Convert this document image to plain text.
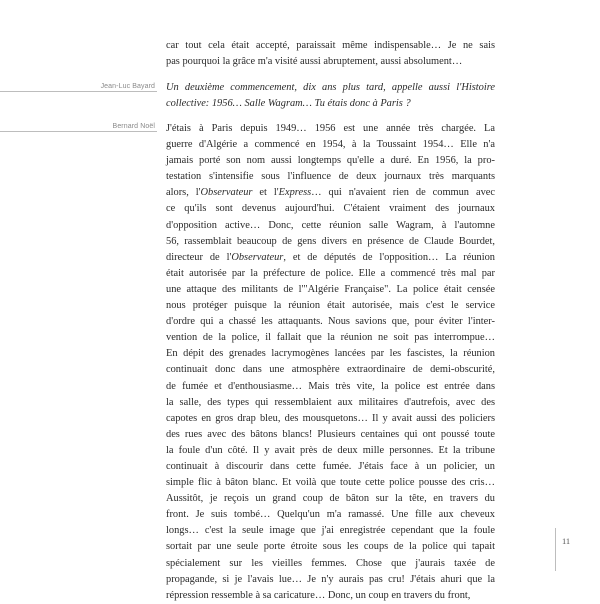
car tout cela était accepté, paraissait même indispensable… Je ne sais
pas pourquoi la grâce m'a visité aussi abruptement, aussi absolument…
Jean-Luc Bayard Un deuxième commencement, dix ans plus tard, appelle aussi l'Histoire
collective: 1956… Salle Wagram… Tu étais donc à Paris ?
Bernard Noël J'étais à Paris depuis 1949… 1956 est une année très chargée. La
guerre d'Algérie a commencé en 1954, à la Toussaint 1954… Elle n'a
jamais porté son nom aussi longtemps qu'elle a duré. En 1956, la pro-
testation s'intensifie sous l'influence de deux journaux très marquants
alors, l'Observateur et l'Express… qui n'avaient rien de commun avec
ce qu'ils sont devenus aujourd'hui. C'étaient vraiment des journaux
d'opposition active… Donc, cette réunion salle Wagram, à l'automne
56, rassemblait beaucoup de gens divers en présence de Claude Bourdet,
directeur de l'Observateur, et de députés de l'opposition… La réunion
était autorisée par la préfecture de police. Elle a commencé très mal par
une attaque des militants de l'"Algérie Française". La police était censée
nous protéger puisque la réunion était autorisée, mais c'est le service
d'ordre qui a chassé les attaquants. Nous savions que, pour éviter l'inter-
vention de la police, il fallait que la réunion ne soit pas interrompue…
En dépit des grenades lacrymogènes lancées par les fascistes, la réunion
continuait donc dans une atmosphère extraordinaire de demi-obscurité,
de fumée et d'enthousiasme… Mais très vite, la police est entrée dans
la salle, des types qui ressemblaient aux militaires d'autrefois, avec des
capotes en gros drap bleu, des mousquetons… Il y avait aussi des policiers
des rues avec des bâtons blancs! Plusieurs centaines qui ont poussé toute
la foule d'un côté. Il y avait près de deux mille personnes. Et la tribune
continuait à discourir dans cette fumée. J'étais face à un policier, un
simple flic à bâton blanc. Et voilà que toute cette police pousse des cris…
Aussitôt, je reçois un grand coup de bâton sur la tête, en travers du
front. Je suis tombé… Quelqu'un m'a ramassé. Une fille aux cheveux
longs… c'est la seule image que j'ai enregistrée cependant que la foule
sortait par une seule porte étroite sous les coups de la police qui tapait
spécialement sur les vieilles femmes. Chose que j'aurais taxée de
propagande, si je l'avais lue… Je n'y aurais pas cru! J'étais ahuri que la
répression ressemble à sa caricature… Donc, un coup en travers du front,
11
